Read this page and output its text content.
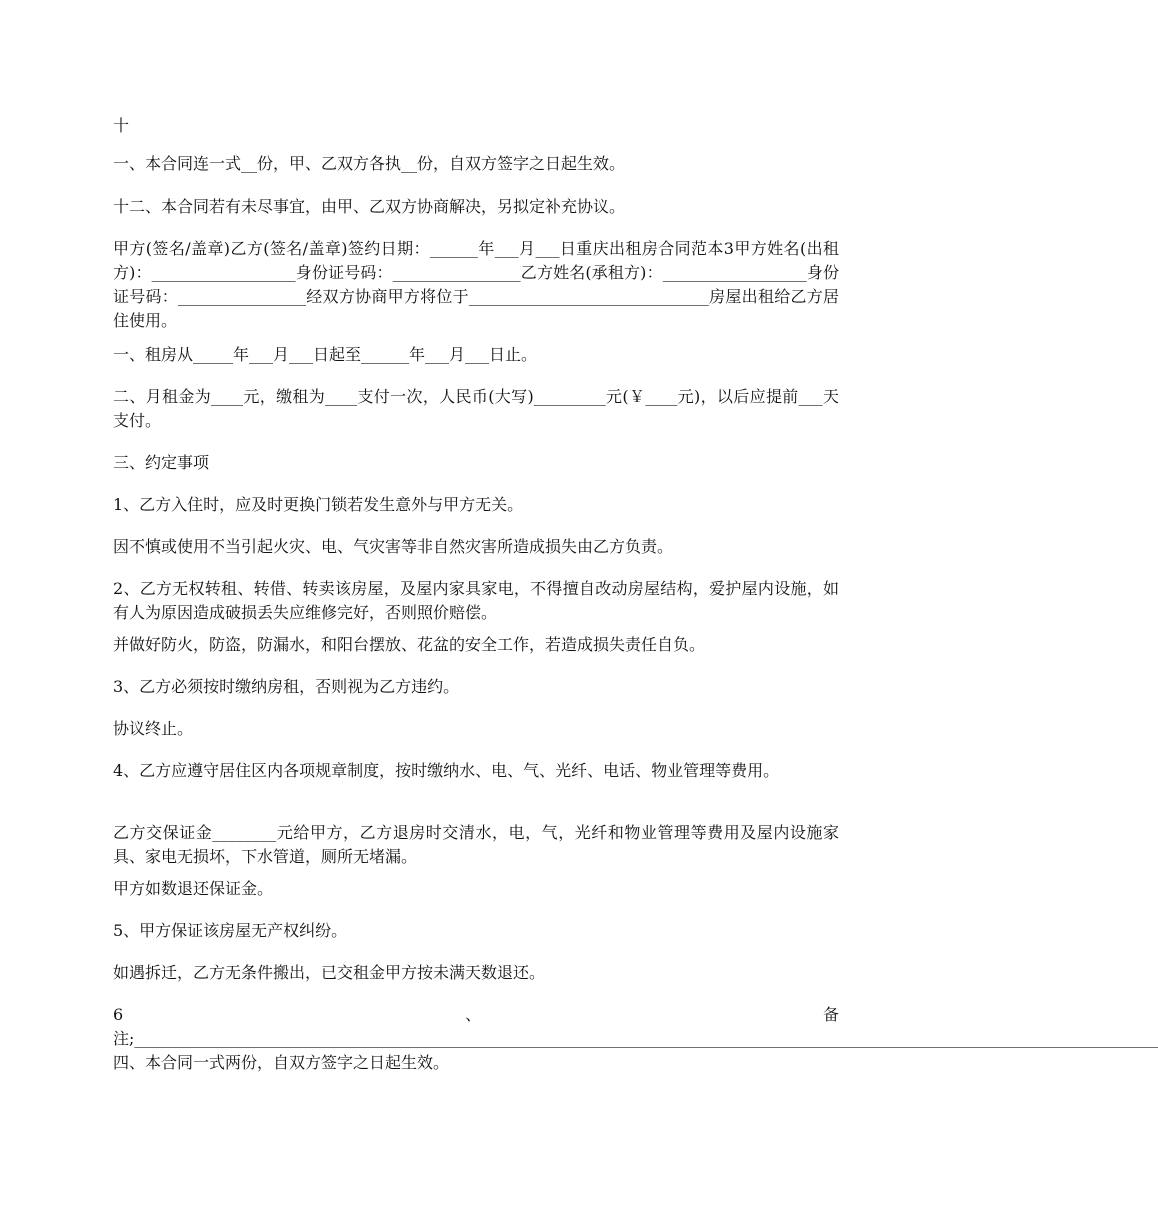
十

一、本合同连一式__份，甲、乙双方各执__份，自双方签字之日起生效。

十二、本合同若有未尽事宜，由甲、乙双方协商解决，另拟定补充协议。

甲方(签名/盖章)乙方(签名/盖章)签约日期：______年___月___日重庆出租房合同范本3甲方姓名(出租方)：__________________身份证号码：________________乙方姓名(承租方)：__________________身份证号码：________________经双方协商甲方将位于______________________________房屋出租给乙方居住使用。

一、租房从_____年___月___日起至______年___月___日止。

二、月租金为____元，缴租为____支付一次，人民币(大写)_________元(￥____元)，以后应提前___天支付。

三、约定事项

1、乙方入住时，应及时更换门锁若发生意外与甲方无关。

因不慎或使用不当引起火灾、电、气灾害等非自然灾害所造成损失由乙方负责。

2、乙方无权转租、转借、转卖该房屋，及屋内家具家电，不得擅自改动房屋结构，爱护屋内设施，如有人为原因造成破损丢失应维修完好，否则照价赔偿。

并做好防火，防盗，防漏水，和阳台摆放、花盆的安全工作，若造成损失责任自负。

3、乙方必须按时缴纳房租，否则视为乙方违约。

协议终止。

4、乙方应遵守居住区内各项规章制度，按时缴纳水、电、气、光纤、电话、物业管理等费用。

乙方交保证金________元给甲方，乙方退房时交清水，电，气，光纤和物业管理等费用及屋内设施家具、家电无损坏，下水管道，厕所无堵漏。

甲方如数退还保证金。

5、甲方保证该房屋无产权纠纷。

如遇拆迁，乙方无条件搬出，已交租金甲方按未满天数退还。

6、备注;________________________________________________________________________________________________________________________________四、本合同一式两份，自双方签字之日起生效。
